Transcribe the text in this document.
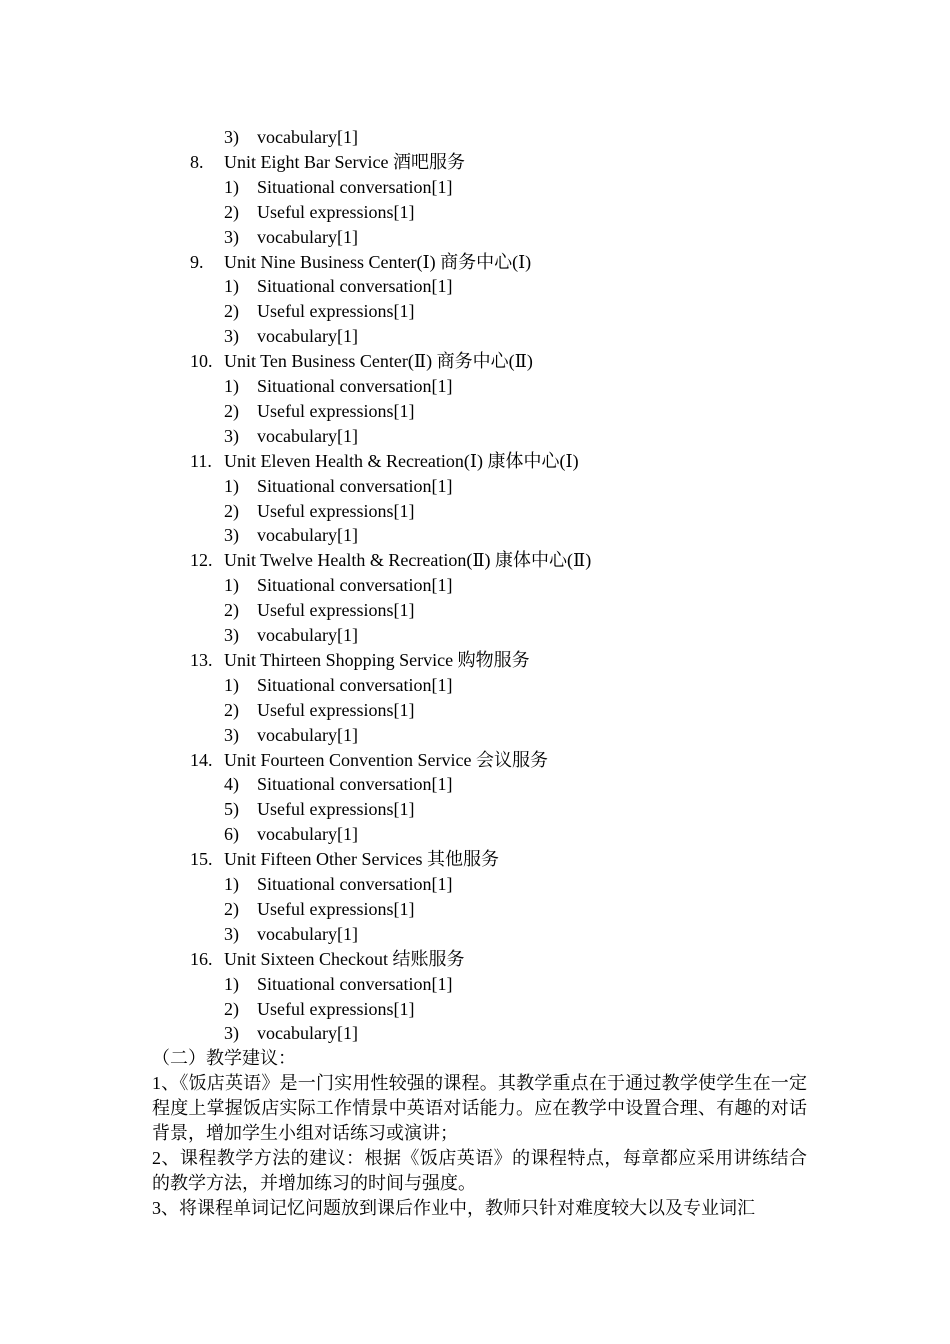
3) vocabulary[1]
8. Unit Eight Bar Service 酒吧服务
1) Situational conversation[1]
2) Useful expressions[1]
3) vocabulary[1]
9. Unit Nine Business Center(Ⅰ) 商务中心(Ⅰ)
1) Situational conversation[1]
2) Useful expressions[1]
3) vocabulary[1]
10. Unit Ten Business Center(Ⅱ) 商务中心(Ⅱ)
1) Situational conversation[1]
2) Useful expressions[1]
3) vocabulary[1]
11. Unit Eleven Health & Recreation(Ⅰ) 康体中心(Ⅰ)
1) Situational conversation[1]
2) Useful expressions[1]
3) vocabulary[1]
12. Unit Twelve Health & Recreation(Ⅱ) 康体中心(Ⅱ)
1) Situational conversation[1]
2) Useful expressions[1]
3) vocabulary[1]
13. Unit Thirteen Shopping Service 购物服务
1) Situational conversation[1]
2) Useful expressions[1]
3) vocabulary[1]
14. Unit Fourteen Convention Service 会议服务
4) Situational conversation[1]
5) Useful expressions[1]
6) vocabulary[1]
15. Unit Fifteen Other Services 其他服务
1) Situational conversation[1]
2) Useful expressions[1]
3) vocabulary[1]
16. Unit Sixteen Checkout 结账服务
1) Situational conversation[1]
2) Useful expressions[1]
3) vocabulary[1]
（二）教学建议：
1、《饭店英语》是一门实用性较强的课程。其教学重点在于通过教学使学生在一定程度上掌握饭店实际工作情景中英语对话能力。应在教学中设置合理、有趣的对话背景，增加学生小组对话练习或演讲；
2、课程教学方法的建议：根据《饭店英语》的课程特点，每章都应采用讲练结合的教学方法，并增加练习的时间与强度。
3、将课程单词记忆问题放到课后作业中，教师只针对难度较大以及专业词汇
